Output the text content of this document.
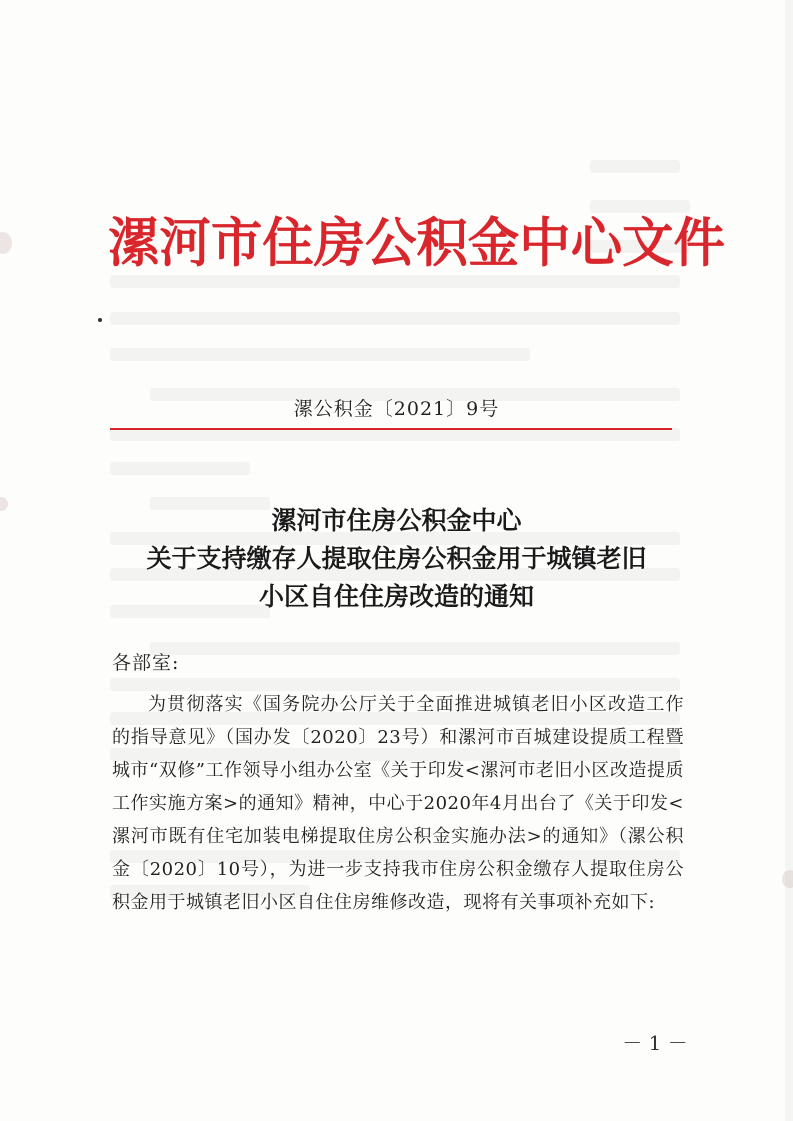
漯河市住房公积金中心文件
漯公积金〔2021〕9号
漯河市住房公积金中心
关于支持缴存人提取住房公积金用于城镇老旧
小区自住住房改造的通知
各部室:
为贯彻落实《国务院办公厅关于全面推进城镇老旧小区改造工作的指导意见》（国办发〔2020〕23号）和漯河市百城建设提质工程暨城市“双修”工作领导小组办公室《关于印发<漯河市老旧小区改造提质工作实施方案>的通知》精神，中心于2020年4月出台了《关于印发<漯河市既有住宅加装电梯提取住房公积金实施办法>的通知》（漯公积金〔2020〕10号），为进一步支持我市住房公积金缴存人提取住房公积金用于城镇老旧小区自住住房维修改造，现将有关事项补充如下:
－ 1 －
